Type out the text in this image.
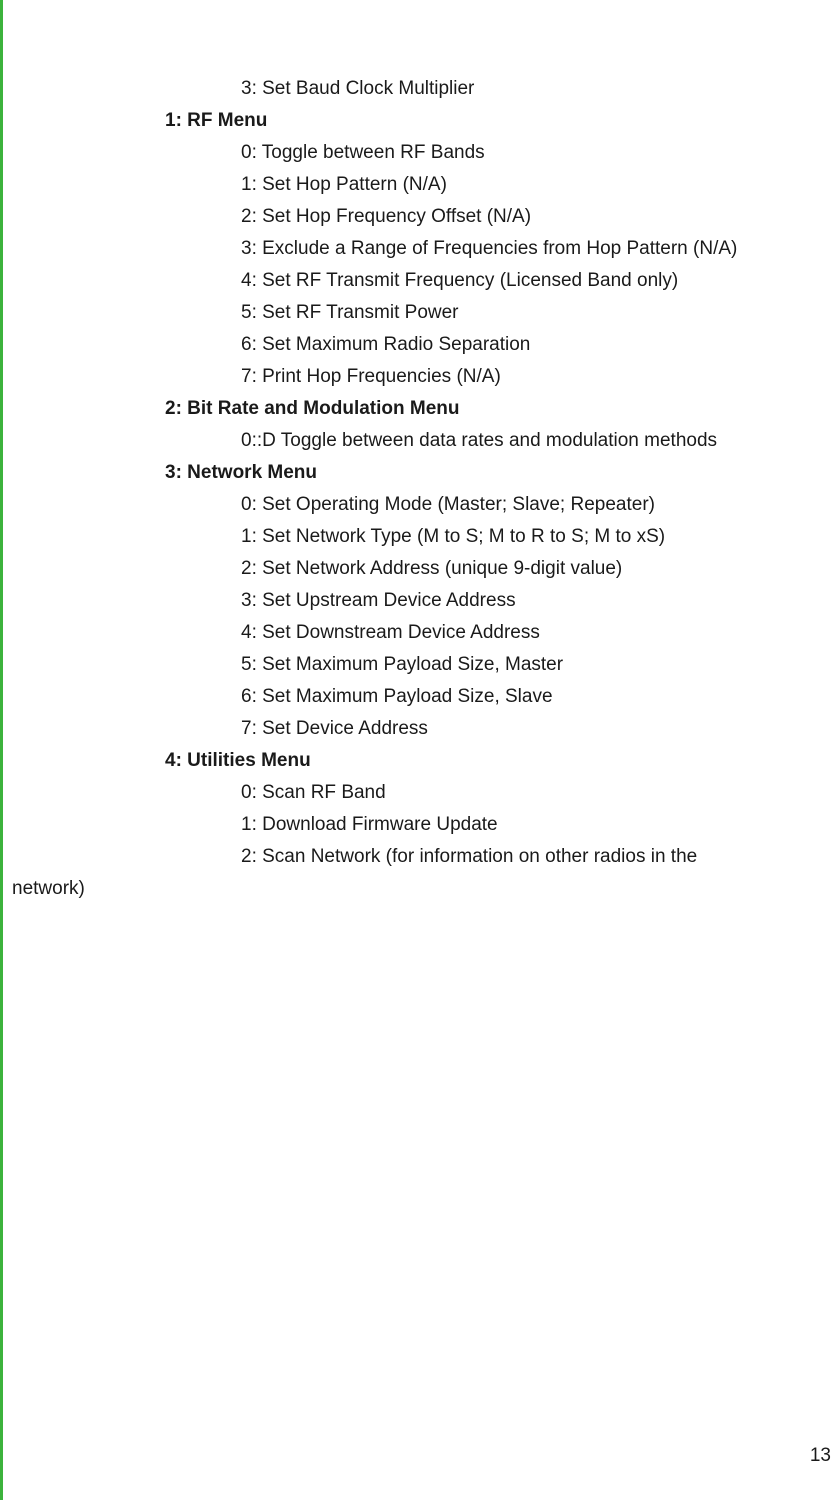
3: Set Baud Clock Multiplier
1: RF Menu
0: Toggle between RF Bands
1: Set Hop Pattern (N/A)
2: Set Hop Frequency Offset (N/A)
3: Exclude a Range of Frequencies from Hop Pattern (N/A)
4: Set RF Transmit Frequency (Licensed Band only)
5: Set RF Transmit Power
6: Set Maximum Radio Separation
7: Print Hop Frequencies (N/A)
2: Bit Rate and Modulation Menu
0::D Toggle between data rates and modulation methods
3: Network Menu
0: Set Operating Mode (Master; Slave; Repeater)
1: Set Network Type (M to S; M to R to S; M to xS)
2: Set Network Address (unique 9-digit value)
3: Set Upstream Device Address
4: Set Downstream Device Address
5: Set Maximum Payload Size, Master
6: Set Maximum Payload Size, Slave
7: Set Device Address
4: Utilities Menu
0: Scan RF Band
1: Download Firmware Update
2: Scan Network (for information on other radios in the
network)
13
